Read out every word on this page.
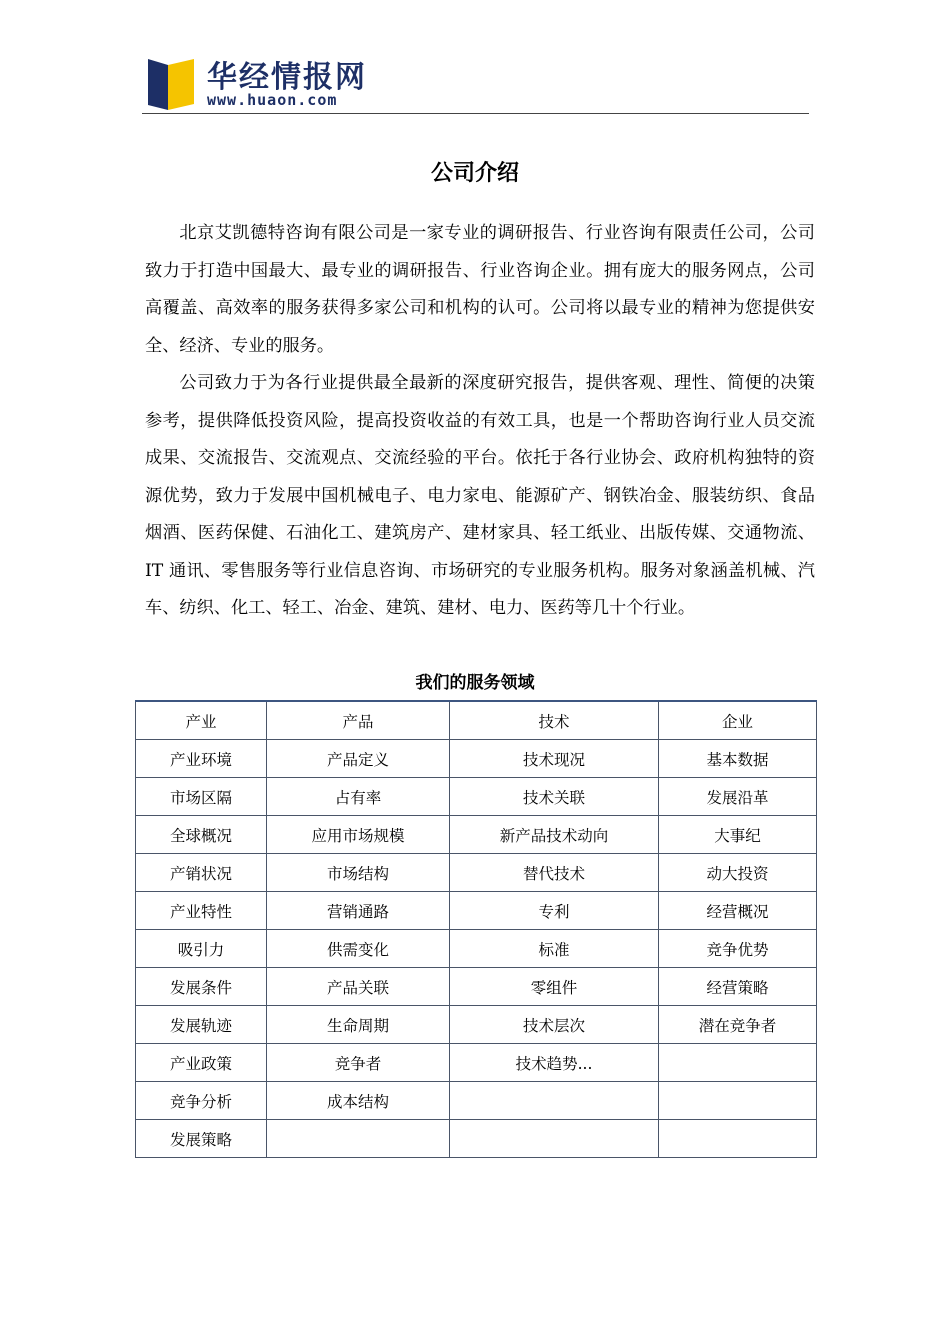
华经情报网
www.huaon.com
公司介绍

北京艾凯德特咨询有限公司是一家专业的调研报告、行业咨询有限责任公司，公司致力于打造中国最大、最专业的调研报告、行业咨询企业。拥有庞大的服务网点，公司高覆盖、高效率的服务获得多家公司和机构的认可。公司将以最专业的精神为您提供安全、经济、专业的服务。

公司致力于为各行业提供最全最新的深度研究报告，提供客观、理性、简便的决策参考，提供降低投资风险，提高投资收益的有效工具，也是一个帮助咨询行业人员交流成果、交流报告、交流观点、交流经验的平台。依托于各行业协会、政府机构独特的资源优势，致力于发展中国机械电子、电力家电、能源矿产、钢铁冶金、服装纺织、食品烟酒、医药保健、石油化工、建筑房产、建材家具、轻工纸业、出版传媒、交通物流、IT 通讯、零售服务等行业信息咨询、市场研究的专业服务机构。服务对象涵盖机械、汽车、纺织、化工、轻工、冶金、建筑、建材、电力、医药等几十个行业。

我们的服务领域
产业	产品	技术	企业
产业环境	产品定义	技术现况	基本数据
市场区隔	占有率	技术关联	发展沿革
全球概况	应用市场规模	新产品技术动向	大事纪
产销状况	市场结构	替代技术	动大投资
产业特性	营销通路	专利	经营概况
吸引力	供需变化	标准	竞争优势
发展条件	产品关联	零组件	经营策略
发展轨迹	生命周期	技术层次	潜在竞争者
产业政策	竞争者	技术趋势...	
竞争分析	成本结构		
发展策略			
